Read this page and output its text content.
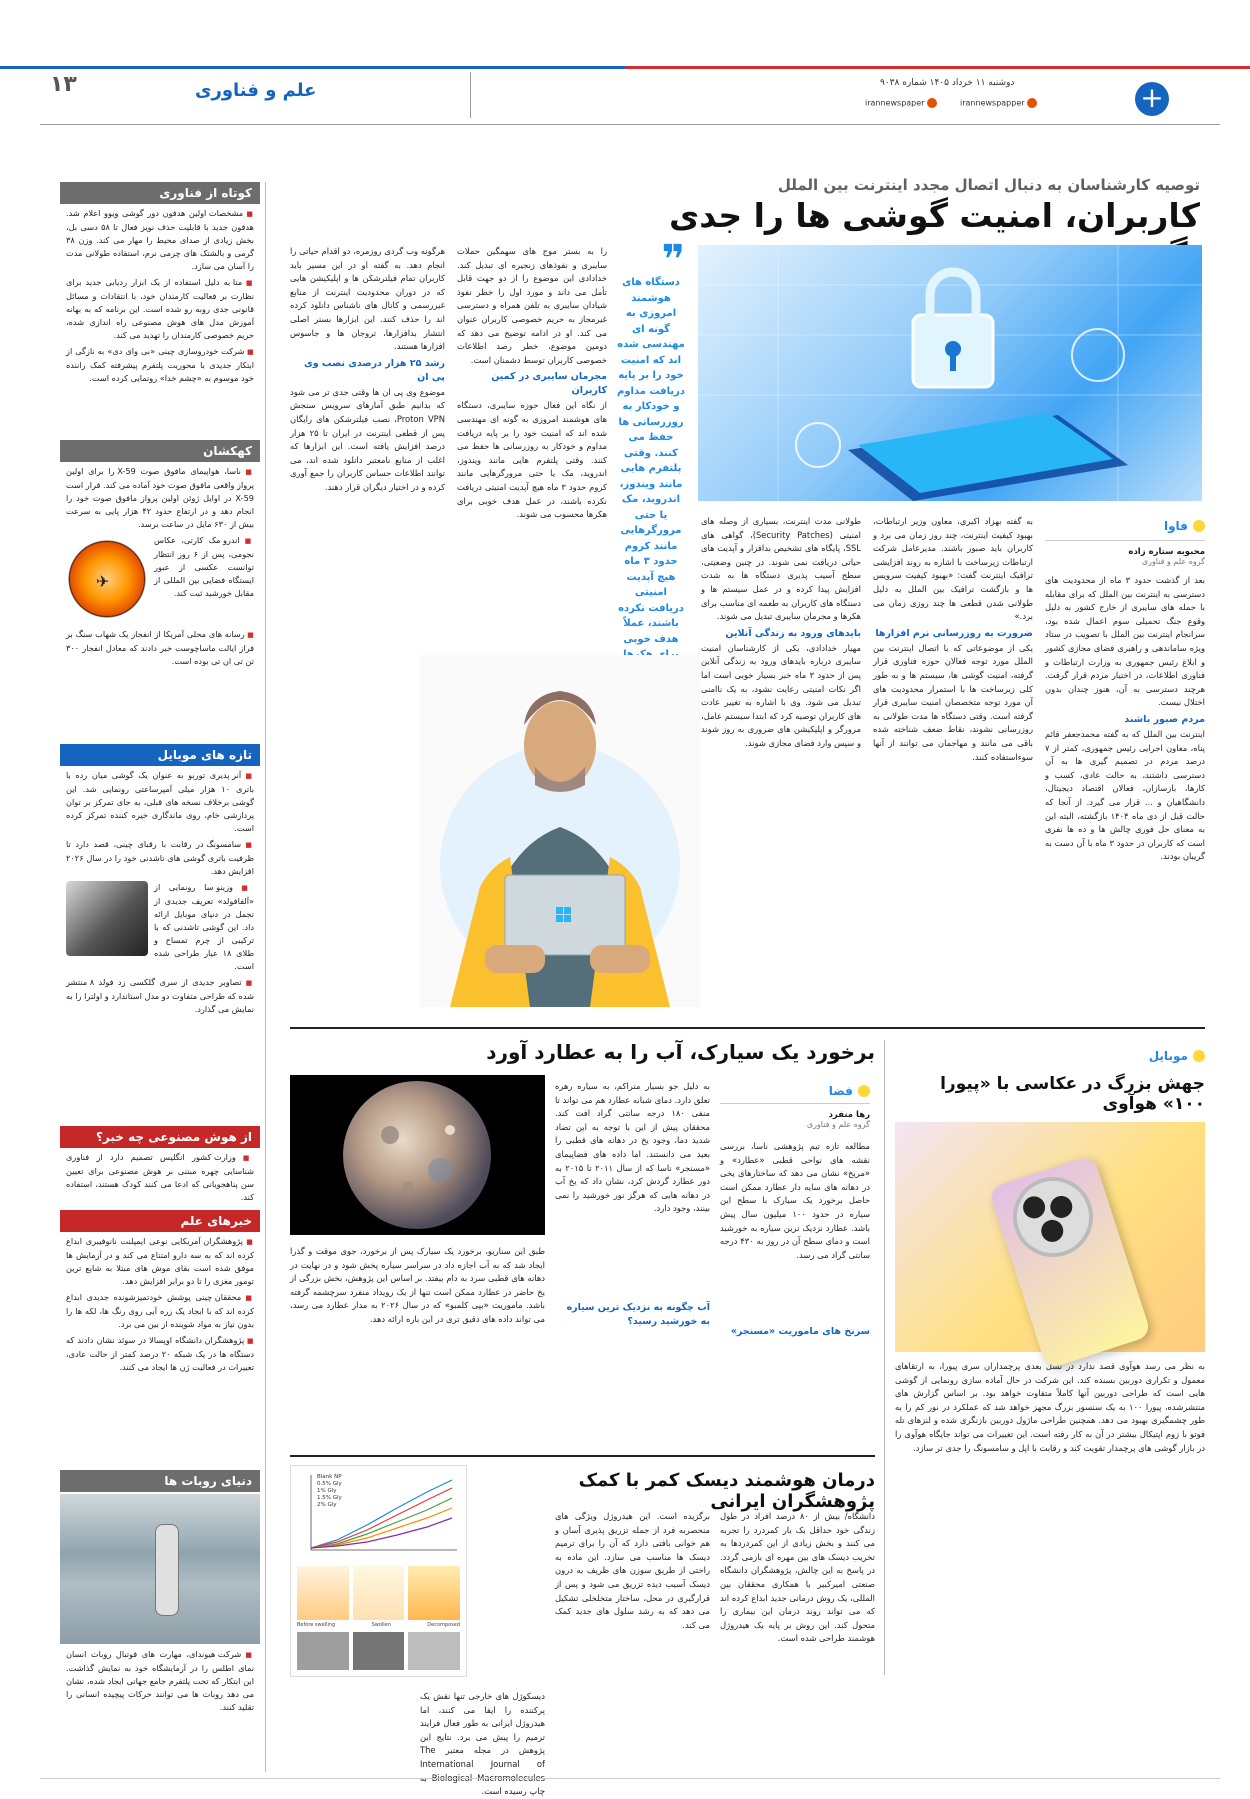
۱۳	علم و فناوری	دوشنبه ۱۱ خرداد ۱۴۰۵ شماره ۹۰۳۸
irannewspapper
irannewspaper	+
کوتاه از فناوری
■ مشخصات اولین هدفون دور گوشی ویوو اعلام شد. هدفون جدید با قابلیت حذف نویز فعال تا ۵۸ دسی بل، بخش زیادی از صدای محیط را مهار می کند. وزن ۳۸ گرمی و بالشتک های چرمی نرم، استفاده طولانی مدت را آسان می سازد.
■ متا به دلیل استفاده از یک ابزار ردیابی جدید برای نظارت بر فعالیت کارمندان خود، با انتقادات و مسائل قانونی جدی روبه رو شده است. این برنامه که به بهانه آموزش مدل های هوش مصنوعی راه اندازی شده، حریم خصوصی کارمندان را تهدید می کند.
■ شرکت خودروسازی چینی «بی وای دی» به نازگی از ابتکار جدیدی با محوریت پلتفرم پیشرفته کمک راننده خود موسوم به «چشم خدا» رونمایی کرده است.
کهکشان
■ ناسا، هواپیمای مافوق صوت X-59 را برای اولین پرواز واقعی مافوق صوت خود آماده می کند. قرار است X-59 در اوایل ژوئن اولین پرواز مافوق صوت خود را انجام دهد و در ارتفاع حدود ۴۲ هزار پایی به سرعت بیش از ۶۳۰ مایل در ساعت برسد.
✈
■ اندرو مک کارتی، عکاس نجومی، پس از ۶ روز انتظار توانست عکسی از عبور ایستگاه فضایی بین المللی از مقابل خورشید ثبت کند.
■ رسانه های محلی آمریکا از انفجار یک شهاب سنگ بر فراز ایالت ماساچوست خبر دادند که معادل انفجار ۳۰۰ تن تی ان تی بوده است.
تازه های موبایل
■ آنر پدیری توربو به عنوان یک گوشی میان رده با باتری ۱۰ هزار میلی آمپرساعتی رونمایی شد. این گوشی برخلاف نسخه های قبلی، به جای تمرکز بر توان پردازشی خام، روی ماندگاری خیره کننده تمرکز کرده است.
■ سامسونگ در رقابت با رقبای چینی، قصد دارد تا ظرفیت باتری گوشی های تاشدنی خود را در سال ۲۰۲۶ افزایش دهد.
■ وزینو سا رونمایی از «آلفافولد» تعریف جدیدی از تجمل در دنیای موبایل ارائه داد. این گوشی تاشدنی که با ترکیبی از چرم تمساح و طلای ۱۸ عیار طراحی شده است.
■ تصاویر جدیدی از سری گلکسی زد فولد ۸ منتشر شده که طراحی متفاوت دو مدل استاندارد و اولترا را به نمایش می گذارد.
از هوش مصنوعی چه خبر؟
■ وزارت کشور انگلیس تصمیم دارد از فناوری شناسایی چهره مبتنی بر هوش مصنوعی برای تعیین سن پناهجویانی که ادعا می کنند کودک هستند، استفاده کند.
خبرهای علم
■ پژوهشگران آمریکایی نوعی ایمپلنت نانوفیبری ابداع کرده اند که به سه دارو امتناع می کند و در آزمایش ها موفق شده است بقای موش های مبتلا به شایع ترین تومور مغزی را تا دو برابر افزایش دهد.
■ محققان چینی پوشش خودتمیزشونده جدیدی ابداع کرده اند که با ایجاد یک زره آبی روی رنگ ها، لکه ها را بدون نیاز به مواد شوینده از بین می برد.
■ پژوهشگران دانشگاه اوپسالا در سوئد نشان دادند که دستگاه ها در یک شبکه ۲۰ درصد کمتر از حالت عادی، تغییرات در فعالیت ژن ها ایجاد می کنند.
دنیای روبات ها
■ شرکت هیوندای، مهارت های فوتبال روبات انسان نمای اطلس را در آزمایشگاه خود به نمایش گذاشت. این ابتکار که تحت پلتفرم جامع جهانی ایجاد شده، نشان می دهد روبات ها می توانند حرکات پیچیده انسانی را تقلید کنند.
توصیه کارشناسان به دنبال اتصال مجدد اینترنت بین الملل
کاربران، امنیت گوشی ها را جدی
فاوا
محبوبه ستاره زاده
گروه علم و فناوری
بعد از گذشت حدود ۳ ماه از محدودیت های دسترسی به اینترنت بین الملل که برای مقابله با حمله های سایبری از خارج کشور به دلیل وقوع جنگ تحمیلی سوم اعمال شده بود، سرانجام اینترنت بین الملل با تصویب در ستاد ویژه ساماندهی و راهبری فضای مجازی کشور و ابلاغ رئیس جمهوری به وزارت ارتباطات و فناوری اطلاعات، در اختیار مردم قرار گرفت. هرچند دسترسی به آن، هنوز چندان بدون اختلال نیست.
مردم صبور باشند
اینترنت بین الملل که به گفته محمدجعفر قائم پناه، معاون اجرایی رئیس جمهوری، کمتر از ۷ درصد مردم در تصمیم گیری ها به آن دسترسی داشتند، به حالت عادی، کسب و کارها، بازسازان، فعالان اقتصاد دیجیتال، دانشگاهیان و ... قرار می گیرد. از آنجا که حالت قبل از دی ماه ۱۴۰۴ بازگشته، البته این به معنای حل فوری چالش ها و ده ها نفری است که کاربران در حدود ۳ ماه با آن دست به گریبان بودند.
به گفته بهزاد اکبری، معاون وزیر ارتباطات، بهبود کیفیت اینترنت، چند روز زمان می برد و کاربران باید صبور باشند. مدیرعامل شرکت ارتباطات زیرساخت با اشاره به روند افزایشی ترافیک اینترنت گفت: «بهبود کیفیت سرویس ها و بازگشت ترافیک بین الملل به دلیل طولانی شدن قطعی ها چند روزی زمان می برد.»
ضرورت به روزرسانی نرم افزارها
یکی از موضوعاتی که با اتصال اینترنت بین الملل مورد توجه فعالان حوزه فناوری قرار گرفته، امنیت گوشی ها، سیستم ها و به طور کلی زیرساخت ها با استمرار محدودیت های آن مورد توجه متخصصان امنیت سایبری قرار گرفته است. وقتی دستگاه ها مدت طولانی به روزرسانی نشوند، نقاط ضعف شناخته شده باقی می مانند و مهاجمان می توانند از آنها سوءاستفاده کنند.
طولانی مدت اینترنت، بسیاری از وصله های امنیتی (Security Patches)، گواهی های SSL، پایگاه های تشخیص بدافزار و آپدیت های حیاتی دریافت نمی شوند. در چنین وضعیتی، سطح آسیب پذیری دستگاه ها به شدت افزایش پیدا کرده و در عمل سیستم ها و دستگاه های کاربران به طعمه ای مناسب برای هکرها و مجرمان سایبری تبدیل می شوند.
بایدهای ورود به زندگی آنلاین
مهیار خدادادی، یکی از کارشناسان امنیت سایبری درباره بایدهای ورود به زندگی آنلاین پس از حدود ۳ ماه خبر بسیار خوبی است اما اگر نکات امنیتی رعایت نشود، به یک ناامنی تبدیل می شود. وی با اشاره به تغییر عادت های کاربران توصیه کرد که ابتدا سیستم عامل، مرورگر و اپلیکیشن های ضروری به روز شوند و سپس وارد فضای مجازی شوند.
❞
دستگاه های هوشمند امروزی به گونه ای مهندسی شده اند که امنیت خود را بر پایه دریافت مداوم و خودکار به روزرسانی ها حفظ می کنند. وقتی پلتفرم هایی مانند ویندوز، اندروید، مک یا حتی مرورگرهایی مانند کروم حدود ۳ ماه هیچ آپدیت امنیتی دریافت نکرده باشند، عملاً هدف خوبی
را به بستر موج های سهمگین حملات سایبری و نفوذهای زنجیره ای تبدیل کند. خدادادی این موضوع را از دو جهت قابل تأمل می داند و مورد اول را خطر نفوذ شیادان سایبری به تلفن همراه و دسترسی غیرمجاز به حریم خصوصی کاربران عنوان می کند. او در ادامه توضیح می دهد که دومین موضوع، خطر رصد اطلاعات خصوصی کاربران توسط دشمنان است.
مجرمان سایبری در کمین کاربران
از نگاه این فعال حوزه سایبری، دستگاه های هوشمند امروزی به گونه ای مهندسی شده اند که امنیت خود را بر پایه دریافت مداوم و خودکار به روزرسانی ها حفظ می کنند. وقتی پلتفرم هایی مانند ویندوز، اندروید، مک یا حتی مرورگرهایی مانند کروم حدود ۳ ماه هیچ آپدیت امنیتی دریافت نکرده باشند، در عمل هدف خوبی برای هکرها محسوب می شوند.
هرگونه وب گردی روزمره، دو اقدام حیاتی را انجام دهد. به گفته او در این مسیر باید کاربران تمام فیلترشکن ها و اپلیکیشن هایی که در دوران محدودیت اینترنت از منابع غیررسمی و کانال های ناشناس دانلود کرده اند را حذف کنند. این ابزارها بستر اصلی انتشار بدافزارها، تروجان ها و جاسوس افزارها هستند.
رشد ۲۵ هزار درصدی نصب وی پی ان
موضوع وی پی ان ها وقتی جدی تر می شود که بدانیم طبق آمارهای سرویس سنجش Proton VPN، نصب فیلترشکن های رایگان پس از قطعی اینترنت در ایران تا ۲۵ هزار درصد افزایش یافته است. این ابزارها که اغلب از منابع نامعتبر دانلود شده اند، می توانند اطلاعات حساس کاربران را جمع آوری کرده و در اختیار دیگران قرار دهند.
موبایل
جهش بزرگ در عکاسی با «پیورا ۱۰۰» هوآوی
به نظر می رسد هوآوی قصد ندارد در نسل بعدی پرچمداران سری پیورا، به ارتقاهای معمول و تکراری دوربین بسنده کند. این شرکت در حال آماده سازی رونمایی از گوشی هایی است که طراحی دوربین آنها کاملاً متفاوت خواهد بود. بر اساس گزارش های منتشرشده، پیورا ۱۰۰ به یک سنسور بزرگ مجهز خواهد شد که عملکرد در نور کم را به طور چشمگیری بهبود می دهد. همچنین طراحی ماژول دوربین بازنگری شده و لنزهای تله فوتو با زوم اپتیکال بیشتر در آن به کار رفته است. این تغییرات می تواند جایگاه هوآوی را در بازار گوشی های پرچمدار تقویت کند و رقابت با اپل و سامسونگ را جدی تر سازد.
برخورد یک سیارک، آب را به عطارد آورد
فضا
رها منفرد
گروه علم و فناوری
مطالعه تازه تیم پژوهشی ناسا، بررسی نقشه های نواحی قطبی «عطارد» و «مریخ» نشان می دهد که ساختارهای یخی در دهانه های سایه دار عطارد ممکن است حاصل برخورد یک سیارک با سطح این سیاره در حدود ۱۰۰ میلیون سال پیش باشد. عطارد نزدیک ترین سیاره به خورشید است و دمای سطح آن در روز به ۴۳۰ درجه سانتی گراد می رسد.
سرنخ های ماموریت «مسنجر»
به دلیل جو بسیار متراکم، به سیاره رهره تعلق دارد. دمای شبانه عطارد هم می تواند تا منفی ۱۸۰ درجه سانتی گراد افت کند. محققان پیش از این با توجه به این تضاد شدید دما، وجود یخ در دهانه های قطبی را بعید می دانستند. اما داده های فضاپیمای «مسنجر» ناسا که از سال ۲۰۱۱ تا ۲۰۱۵ به دور عطارد گردش کرد، نشان داد که یخ آب در دهانه هایی که هرگز نور خورشید را نمی بینند، وجود دارد.
آب چگونه به نزدیک ترین سیاره به خورشید رسید؟
طبق این سناریو، برخورد یک سیارک پس از برخورد، جوی موقت و گذرا ایجاد شد که به آب اجازه داد در سراسر سیاره پخش شود و در نهایت در دهانه های قطبی سرد به دام بیفتد. بر اساس این پژوهش، بخش بزرگی از یخ حاضر در عطارد ممکن است تنها از یک رویداد منفرد سرچشمه گرفته باشد. ماموریت «بپی کلمبو» که در سال ۲۰۲۶ به مدار عطارد می رسد، می تواند داده های دقیق تری در این باره ارائه دهد.
درمان هوشمند دیسک کمر با کمک پژوهشگران ایرانی
دانشگاه/ بیش از ۸۰ درصد افراد در طول زندگی خود حداقل یک بار کمردرد را تجربه می کنند و بخش زیادی از این کمردردها به تخریب دیسک های بین مهره ای بازمی گردد. در پاسخ به این چالش، پژوهشگران دانشگاه صنعتی امیرکبیر با همکاری محققان بین المللی، یک روش درمانی جدید ابداع کرده اند که می تواند روند درمان این بیماری را متحول کند. این روش بر پایه یک هیدروژل هوشمند طراحی شده است.
برگزیده است. این هیدروژل ویژگی های منحصربه فرد از جمله تزریق پذیری آسان و هم خوانی بافتی دارد که آن را برای ترمیم دیسک ها مناسب می سازد. این ماده به راحتی از طریق سوزن های ظریف به درون دیسک آسیب دیده تزریق می شود و پس از قرارگیری در محل، ساختار متخلخلی تشکیل می دهد که به رشد سلول های جدید کمک می کند.
دیسکوژل های خارجی تنها نقش یک پرکننده را ایفا می کنند، اما هیدروژل ایرانی به طور فعال فرایند ترمیم را پیش می برد. نتایج این پژوهش در مجله معتبر The International Journal of چاپ رسیده است.
Blank NP
0.5% Gly
1% Gly
1.5% Gly
2% Gly
Before swelling	Swollen	Decomposed
